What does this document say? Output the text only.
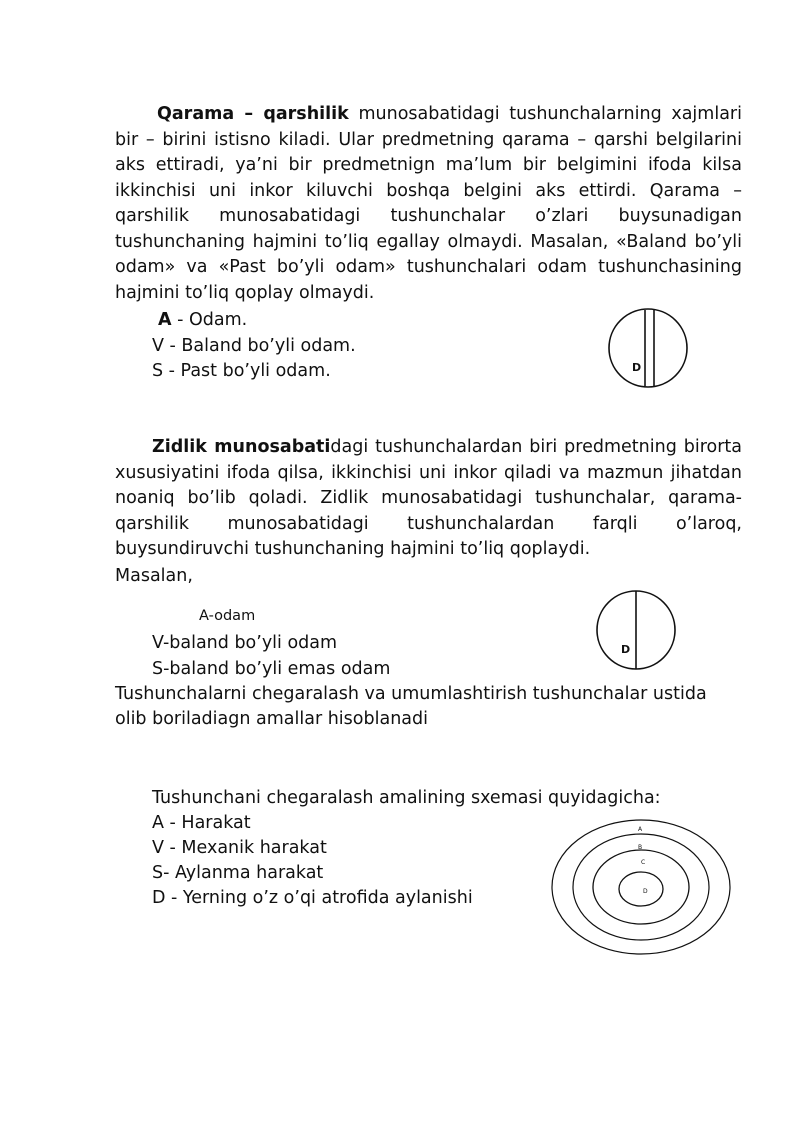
Qarama – qarshilik munosabatidagi tushunchalarning xajmlari bir – birini istisno kiladi. Ular predmetning qarama – qarshi belgilarini aks ettiradi, ya’ni bir predmetnign ma’lum bir belgimini ifoda kilsa ikkinchisi uni inkor kiluvchi boshqa belgini aks ettirdi. Qarama – qarshilik munosabatidagi tushunchalar o’zlari buysunadigan tushunchaning hajmini to’liq egallay olmaydi. Masalan, «Baland bo’yli odam» va «Past bo’yli odam» tushunchalari odam tushunchasining hajmini to’liq qoplay olmaydi.

A - Odam.
V - Baland bo’yli odam.
S - Past bo’yli odam.	D

Zidlik munosabatidagi tushunchalardan biri predmetning birorta xususiyatini ifoda qilsa, ikkinchisi uni inkor qiladi va mazmun jihatdan noaniq bo’lib qoladi. Zidlik munosabatidagi tushunchalar, qarama-qarshilik munosabatidagi tushunchalardan farqli o’laroq, buysundiruvchi tushunchaning hajmini to’liq qoplaydi.

Masalan,
A-odam
V-baland bo’yli odam
S-baland bo’yli emas odam
Tushunchalarni chegaralash va umumlashtirish tushunchalar ustida
olib boriladiagn amallar hisoblanadi
D
Tushunchani chegaralash amalining sxemasi quyidagicha:
A - Harakat
V - Mexanik harakat
S- Aylanma harakat
D - Yerning o’z o’qi atrofida aylanishi
A
B
C
D
